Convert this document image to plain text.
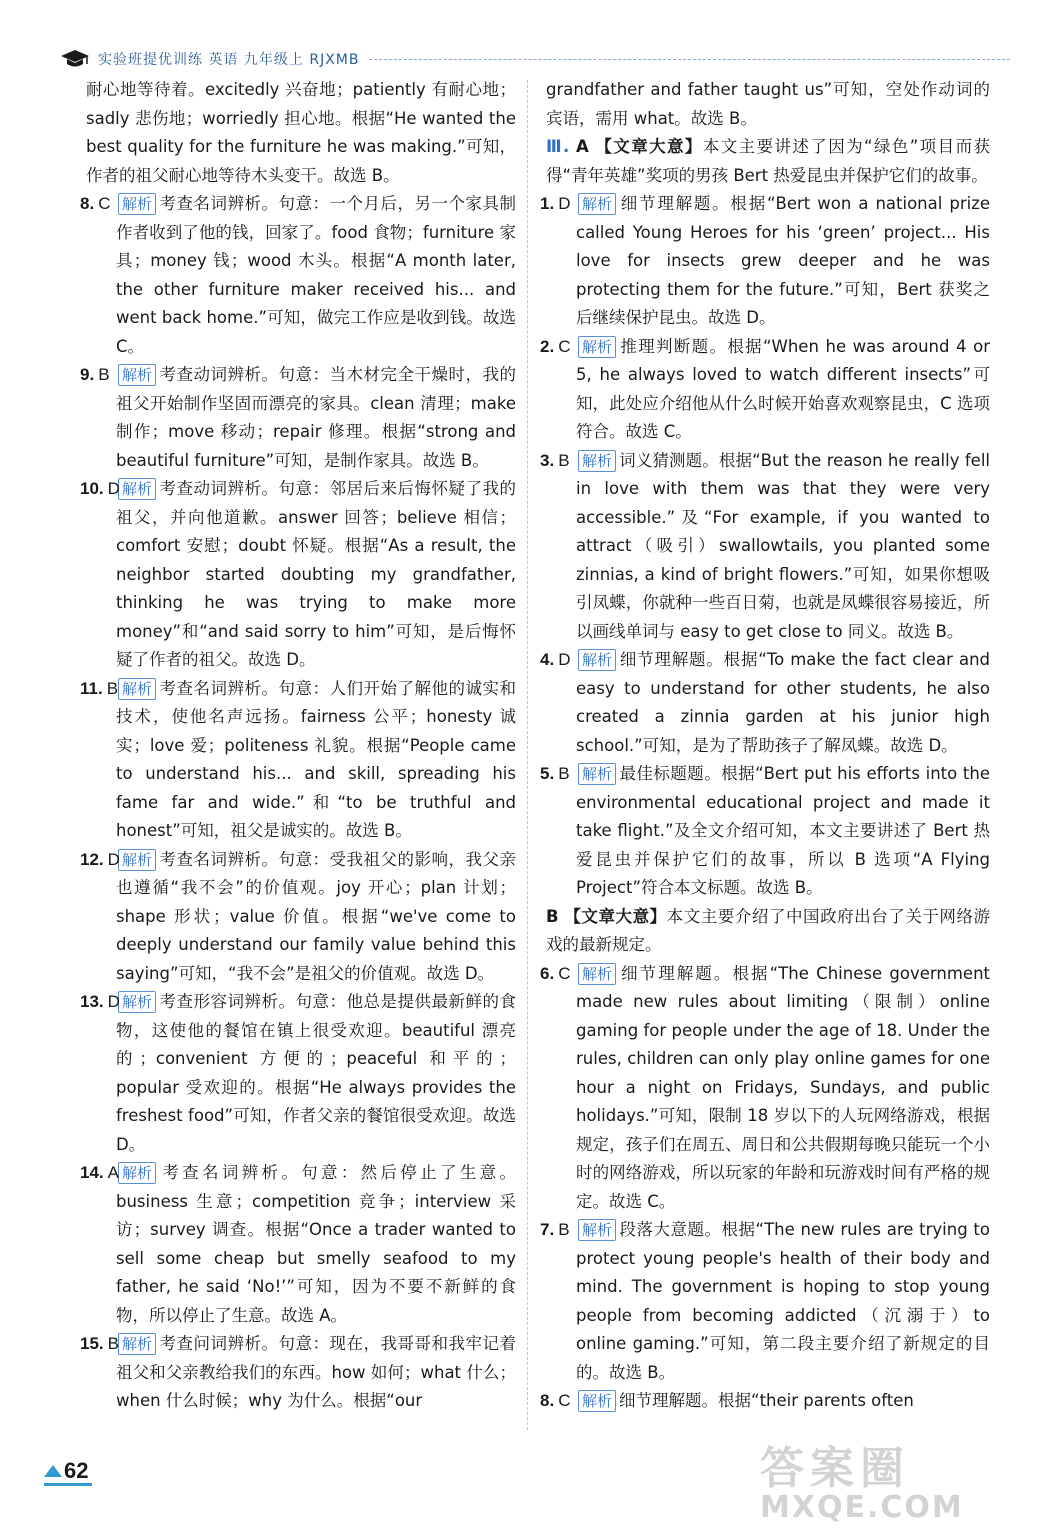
实验班提优训练 英语 九年级上 RJXMB
耐心地等待着。excitedly 兴奋地；patiently 有耐心地；sadly 悲伤地；worriedly 担心地。根据“He wanted the best quality for the furniture he was making.”可知，作者的祖父耐心地等待木头变干。故选 B。
8. C 解析 考查名词辨析。句意：一个月后，另一个家具制作者收到了他的钱，回家了。food 食物；furniture 家具；money 钱；wood 木头。根据“A month later, the other furniture maker received his... and went back home.”可知，做完工作应是收到钱。故选 C。
9. B 解析 考查动词辨析。句意：当木材完全干燥时，我的祖父开始制作坚固而漂亮的家具。clean 清理；make 制作；move 移动；repair 修理。根据“strong and beautiful furniture”可知，是制作家具。故选 B。
10. D 解析 考查动词辨析。句意：邻居后来后悔怀疑了我的祖父，并向他道歉。answer 回答；believe 相信；comfort 安慰；doubt 怀疑。根据“As a result, the neighbor started doubting my grandfather, thinking he was trying to make more money”和“and said sorry to him”可知，是后悔怀疑了作者的祖父。故选 D。
11. B 解析 考查名词辨析。句意：人们开始了解他的诚实和技术，使他名声远扬。fairness 公平；honesty 诚实；love 爱；politeness 礼貌。根据“People came to understand his... and skill, spreading his fame far and wide.”和“to be truthful and honest”可知，祖父是诚实的。故选 B。
12. D 解析 考查名词辨析。句意：受我祖父的影响，我父亲也遵循“我不会”的价值观。joy 开心；plan 计划；shape 形状；value 价值。根据“we've come to deeply understand our family value behind this saying”可知，“我不会”是祖父的价值观。故选 D。
13. D 解析 考查形容词辨析。句意：他总是提供最新鲜的食物，这使他的餐馆在镇上很受欢迎。beautiful 漂亮的；convenient 方便的；peaceful 和平的；popular 受欢迎的。根据“He always provides the freshest food”可知，作者父亲的餐馆很受欢迎。故选 D。
14. A 解析 考查名词辨析。句意：然后停止了生意。business 生意；competition 竞争；interview 采访；survey 调查。根据“Once a trader wanted to sell some cheap but smelly seafood to my father, he said ‘No!’”可知，因为不要不新鲜的食物，所以停止了生意。故选 A。
15. B 解析 考查问词辨析。句意：现在，我哥哥和我牢记着祖父和父亲教给我们的东西。how 如何；what 什么；when 什么时候；why 为什么。根据“our
grandfather and father taught us”可知，空处作动词的宾语，需用 what。故选 B。
Ⅲ. A 【文章大意】本文主要讲述了因为“绿色”项目而获得“青年英雄”奖项的男孩 Bert 热爱昆虫并保护它们的故事。
1. D 解析 细节理解题。根据“Bert won a national prize called Young Heroes for his ‘green’ project... His love for insects grew deeper and he was protecting them for the future.”可知，Bert 获奖之后继续保护昆虫。故选 D。
2. C 解析 推理判断题。根据“When he was around 4 or 5, he always loved to watch different insects”可知，此处应介绍他从什么时候开始喜欢观察昆虫，C 选项符合。故选 C。
3. B 解析 词义猜测题。根据“But the reason he really fell in love with them was that they were very accessible.”及“For example, if you wanted to attract（吸引）swallowtails, you planted some zinnias, a kind of bright flowers.”可知，如果你想吸引凤蝶，你就种一些百日菊，也就是凤蝶很容易接近，所以画线单词与 easy to get close to 同义。故选 B。
4. D 解析 细节理解题。根据“To make the fact clear and easy to understand for other students, he also created a zinnia garden at his junior high school.”可知，是为了帮助孩子了解凤蝶。故选 D。
5. B 解析 最佳标题题。根据“Bert put his efforts into the environmental educational project and made it take flight.”及全文介绍可知，本文主要讲述了 Bert 热爱昆虫并保护它们的故事，所以 B 选项“A Flying Project”符合本文标题。故选 B。
B 【文章大意】本文主要介绍了中国政府出台了关于网络游戏的最新规定。
6. C 解析 细节理解题。根据“The Chinese government made new rules about limiting（限制）online gaming for people under the age of 18. Under the rules, children can only play online games for one hour a night on Fridays, Sundays, and public holidays.”可知，限制 18 岁以下的人玩网络游戏，根据规定，孩子们在周五、周日和公共假期每晚只能玩一个小时的网络游戏，所以玩家的年龄和玩游戏时间有严格的规定。故选 C。
7. B 解析 段落大意题。根据“The new rules are trying to protect young people's health of their body and mind. The government is hoping to stop young people from becoming addicted（沉溺于）to online gaming.”可知，第二段主要介绍了新规定的目的。故选 B。
8. C 解析 细节理解题。根据“their parents often
62	答案圈
MXQE.COM
